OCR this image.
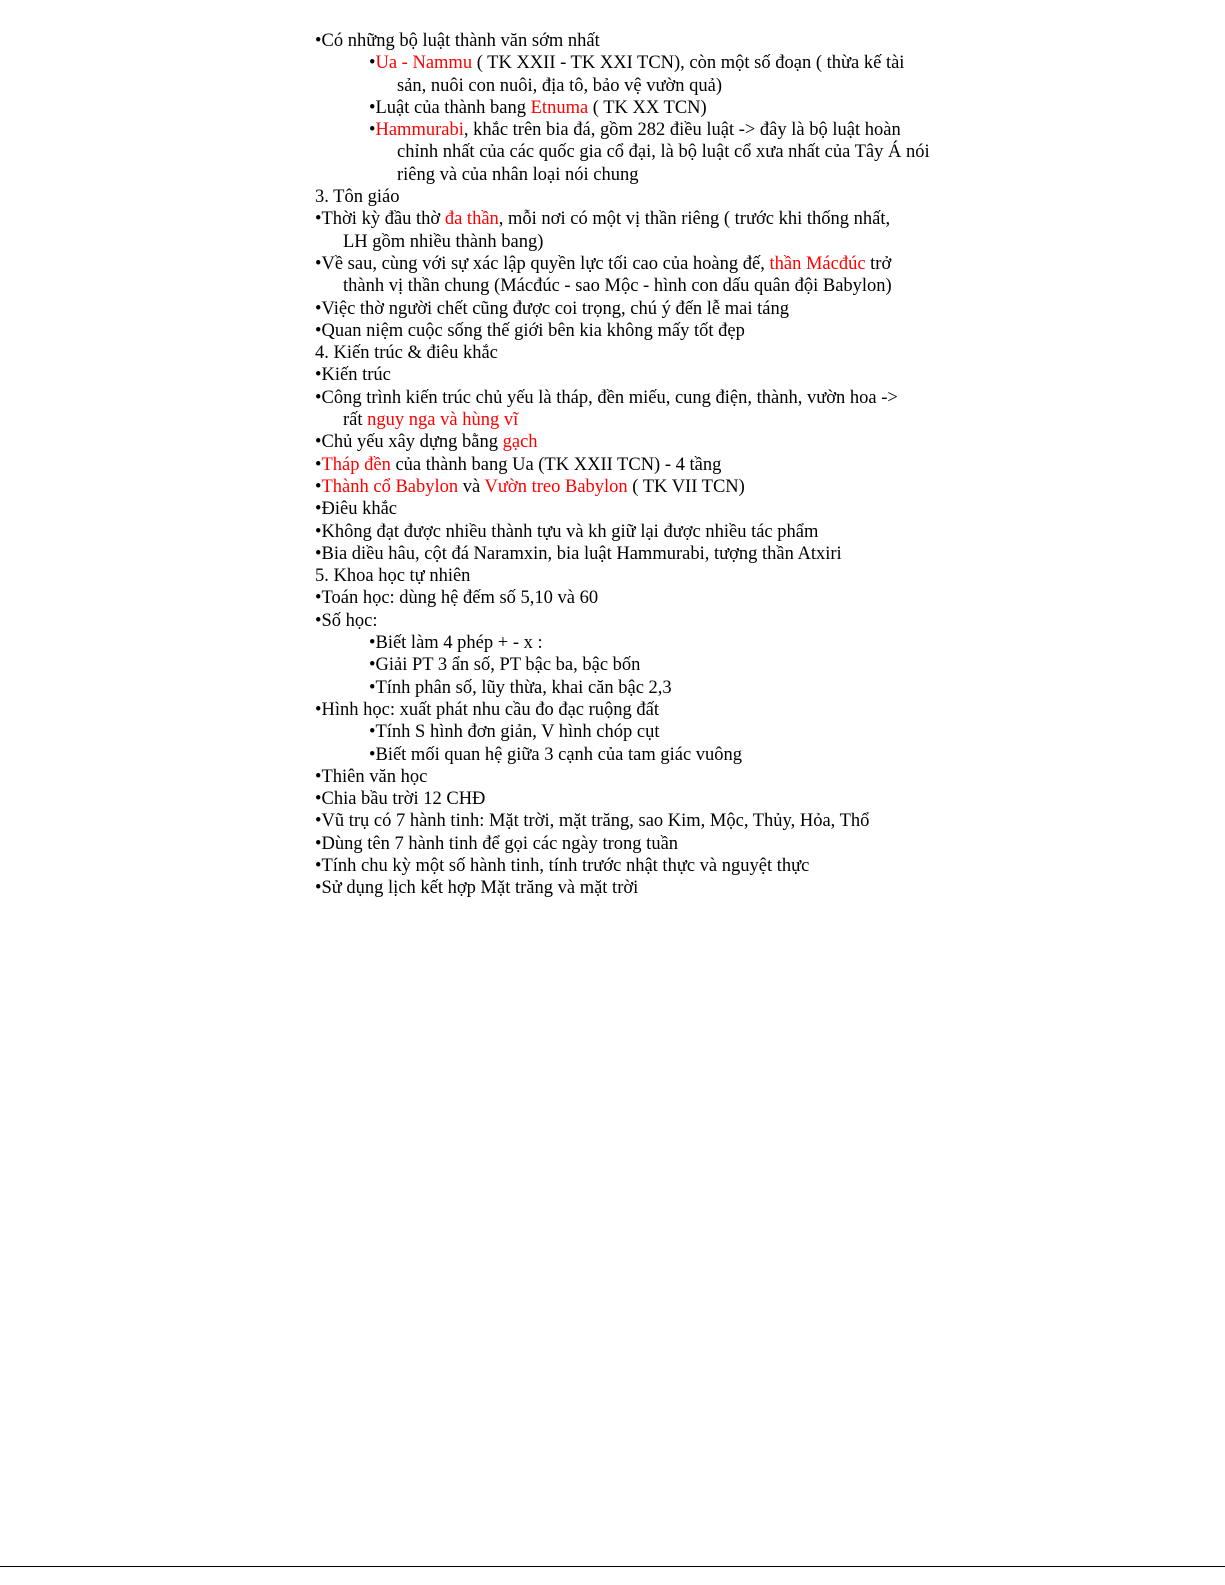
•Có những bộ luật thành văn sớm nhất
•Ua - Nammu ( TK XXII - TK XXI TCN), còn một số đoạn ( thừa kế tài
sản, nuôi con nuôi, địa tô, bảo vệ vườn quả)
•Luật của thành bang Etnuma ( TK XX TCN)
•Hammurabi, khắc trên bia đá, gồm 282 điều luật -> đây là bộ luật hoàn
chỉnh nhất của các quốc gia cổ đại, là bộ luật cổ xưa nhất của Tây Á nói
riêng và của nhân loại nói chung
3. Tôn giáo
•Thời kỳ đầu thờ đa thần, mỗi nơi có một vị thần riêng ( trước khi thống nhất,
LH gồm nhiều thành bang)
•Về sau, cùng với sự xác lập quyền lực tối cao của hoàng đế, thần Mácđúc trở
thành vị thần chung (Mácđúc - sao Mộc - hình con dấu quân đội Babylon)
•Việc thờ người chết cũng được coi trọng, chú ý đến lễ mai táng
•Quan niệm cuộc sống thế giới bên kia không mấy tốt đẹp
4. Kiến trúc & điêu khắc
•Kiến trúc
•Công trình kiến trúc chủ yếu là tháp, đền miếu, cung điện, thành, vườn hoa ->
rất nguy nga và hùng vĩ
•Chủ yếu xây dựng bằng gạch
•Tháp đền của thành bang Ua (TK XXII TCN) - 4 tầng
•Thành cổ Babylon và Vườn treo Babylon ( TK VII TCN)
•Điêu khắc
•Không đạt được nhiều thành tựu và kh giữ lại được nhiều tác phẩm
•Bia diều hâu, cột đá Naramxin, bia luật Hammurabi, tượng thần Atxiri
5. Khoa học tự nhiên
•Toán học: dùng hệ đếm số 5,10 và 60
•Số học:
•Biết làm 4 phép + - x :
•Giải PT 3 ẩn số, PT bậc ba, bậc bốn
•Tính phân số, lũy thừa, khai căn bậc 2,3
•Hình học: xuất phát nhu cầu đo đạc ruộng đất
•Tính S hình đơn giản, V hình chóp cụt
•Biết mối quan hệ giữa 3 cạnh của tam giác vuông
•Thiên văn học
•Chia bầu trời 12 CHĐ
•Vũ trụ có 7 hành tinh: Mặt trời, mặt trăng, sao Kim, Mộc, Thủy, Hỏa, Thổ
•Dùng tên 7 hành tinh để gọi các ngày trong tuần
•Tính chu kỳ một số hành tinh, tính trước nhật thực và nguyệt thực
•Sử dụng lịch kết hợp Mặt trăng và mặt trời
